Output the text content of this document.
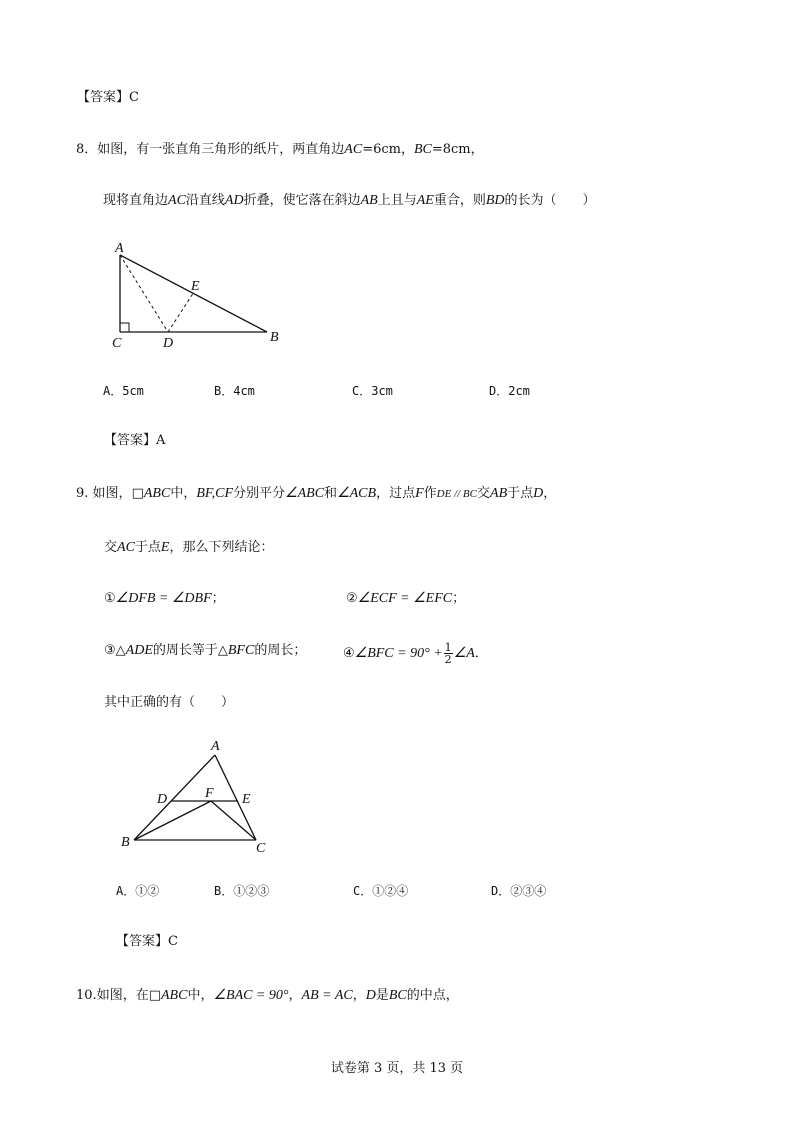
【答案】C
8．如图，有一张直角三角形的纸片，两直角边AC=6cm，BC=8cm，
现将直角边AC沿直线AD折叠，使它落在斜边AB上且与AE重合，则BD的长为（　　）
A
E
C	D	B
A
D	F E
B	C
A．5cm	B．4cm	C．3cm	D．2cm
【答案】A
9. 如图，□ABC中，BF,CF分别平分∠ABC和∠ACB，过点F作DE // BC交AB于点D，
交AC于点E，那么下列结论：
①∠DFB = ∠DBF；	②∠ECF = ∠EFC；
③△ADE的周长等于△BFC的周长；	④∠BFC = $90^\circ + \frac{1}{2}$ ∠A．
其中正确的有（　　）
A．①②	B．①②③	C．①②④	D．②③④
【答案】C
10.如图，在□ABC中，∠BAC = 90°，AB = AC，D是BC的中点，
试卷第 3 页，共 13 页
